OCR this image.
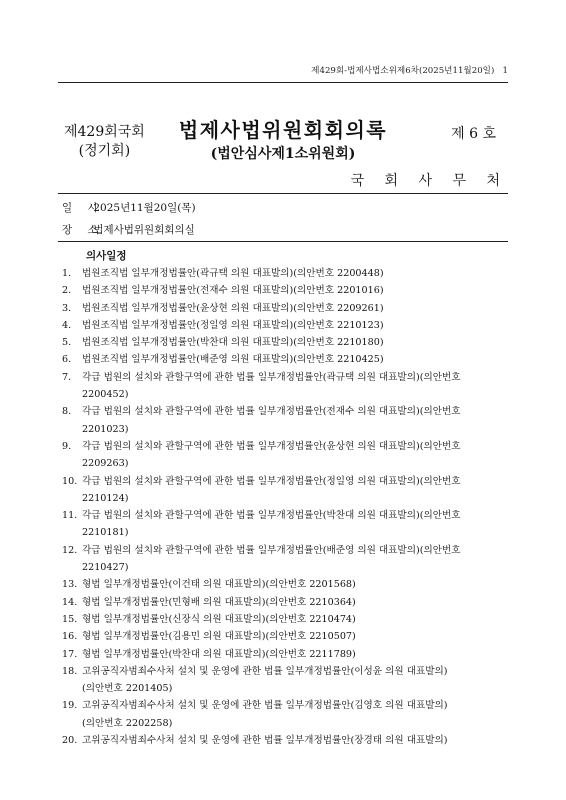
제429회-법제사법소위제6차(2025년11월20일) 1
제429회국회
(정기회)
법제사법위원회회의록
(법안심사제1소위원회)
제 6 호
국 회 사 무 처
일 시 2025년11월20일(목)
장 소 법제사법위원회회의실
의사일정
1. 법원조직법 일부개정법률안(곽규택 의원 대표발의)(의안번호 2200448)
2. 법원조직법 일부개정법률안(전재수 의원 대표발의)(의안번호 2201016)
3. 법원조직법 일부개정법률안(윤상현 의원 대표발의)(의안번호 2209261)
4. 법원조직법 일부개정법률안(정일영 의원 대표발의)(의안번호 2210123)
5. 법원조직법 일부개정법률안(박찬대 의원 대표발의)(의안번호 2210180)
6. 법원조직법 일부개정법률안(배준영 의원 대표발의)(의안번호 2210425)
7. 각급 법원의 설치와 관할구역에 관한 법률 일부개정법률안(곽규택 의원 대표발의)(의안번호
2200452)
8. 각급 법원의 설치와 관할구역에 관한 법률 일부개정법률안(전재수 의원 대표발의)(의안번호
2201023)
9. 각급 법원의 설치와 관할구역에 관한 법률 일부개정법률안(윤상현 의원 대표발의)(의안번호
2209263)
10. 각급 법원의 설치와 관할구역에 관한 법률 일부개정법률안(정일영 의원 대표발의)(의안번호
2210124)
11. 각급 법원의 설치와 관할구역에 관한 법률 일부개정법률안(박찬대 의원 대표발의)(의안번호
2210181)
12. 각급 법원의 설치와 관할구역에 관한 법률 일부개정법률안(배준영 의원 대표발의)(의안번호
2210427)
13. 형법 일부개정법률안(이건태 의원 대표발의)(의안번호 2201568)
14. 형법 일부개정법률안(민형배 의원 대표발의)(의안번호 2210364)
15. 형법 일부개정법률안(신장식 의원 대표발의)(의안번호 2210474)
16. 형법 일부개정법률안(김용민 의원 대표발의)(의안번호 2210507)
17. 형법 일부개정법률안(박찬대 의원 대표발의)(의안번호 2211789)
18. 고위공직자범죄수사처 설치 및 운영에 관한 법률 일부개정법률안(이성윤 의원 대표발의)
(의안번호 2201405)
19. 고위공직자범죄수사처 설치 및 운영에 관한 법률 일부개정법률안(김영호 의원 대표발의)
(의안번호 2202258)
20. 고위공직자범죄수사처 설치 및 운영에 관한 법률 일부개정법률안(장경태 의원 대표발의)
